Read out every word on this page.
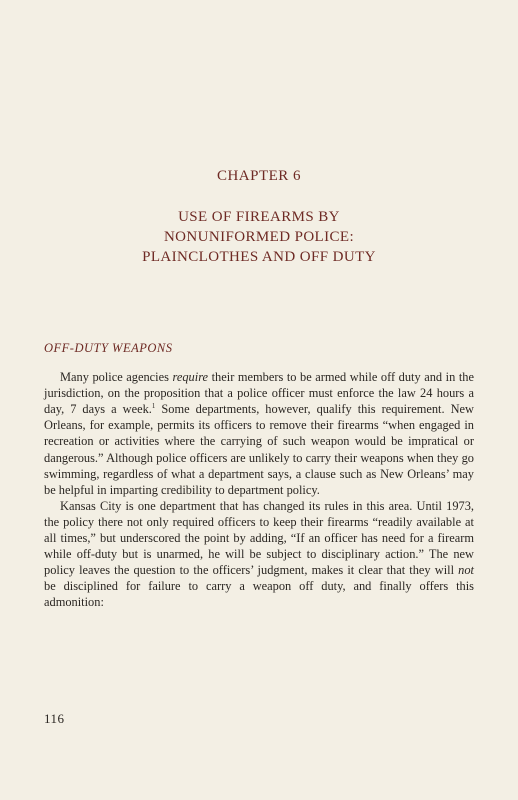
CHAPTER 6
USE OF FIREARMS BY
NONUNIFORMED POLICE:
PLAINCLOTHES AND OFF DUTY
OFF-DUTY WEAPONS

Many police agencies require their members to be armed while off duty and in the jurisdiction, on the proposition that a police officer must enforce the law 24 hours a day, 7 days a week.$^1$ Some departments, however, qualify this requirement. New Orleans, for example, permits its officers to remove their firearms “when engaged in recreation or activities where the carrying of such weapon would be impratical or dangerous.” Although police officers are unlikely to carry their weapons when they go swimming, regardless of what a department says, a clause such as New Orleans’ may be helpful in imparting credibility to department policy.

Kansas City is one department that has changed its rules in this area. Until 1973, the policy there not only required officers to keep their firearms “readily available at all times,” but underscored the point by adding, “If an officer has need for a firearm while off-duty but is unarmed, he will be subject to disciplinary action.” The new policy leaves the question to the officers’ judgment, makes it clear that they will not be disciplined for failure to carry a weapon off duty, and finally offers this admonition:

116
